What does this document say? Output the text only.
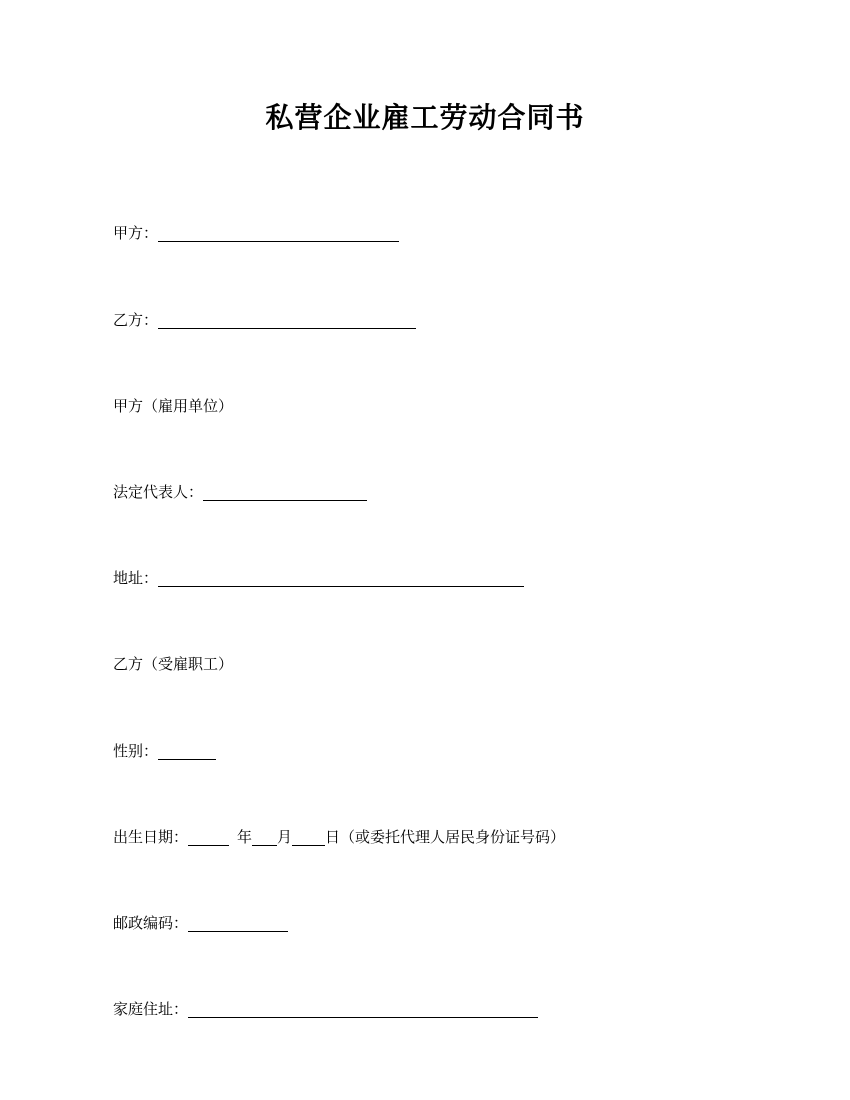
私营企业雇工劳动合同书
甲方：
乙方：
甲方（雇用单位）
法定代表人：
地址：
乙方（受雇职工）
性别：
出生日期：	年 月 日（或委托代理人居民身份证号码）
邮政编码：
家庭住址：
